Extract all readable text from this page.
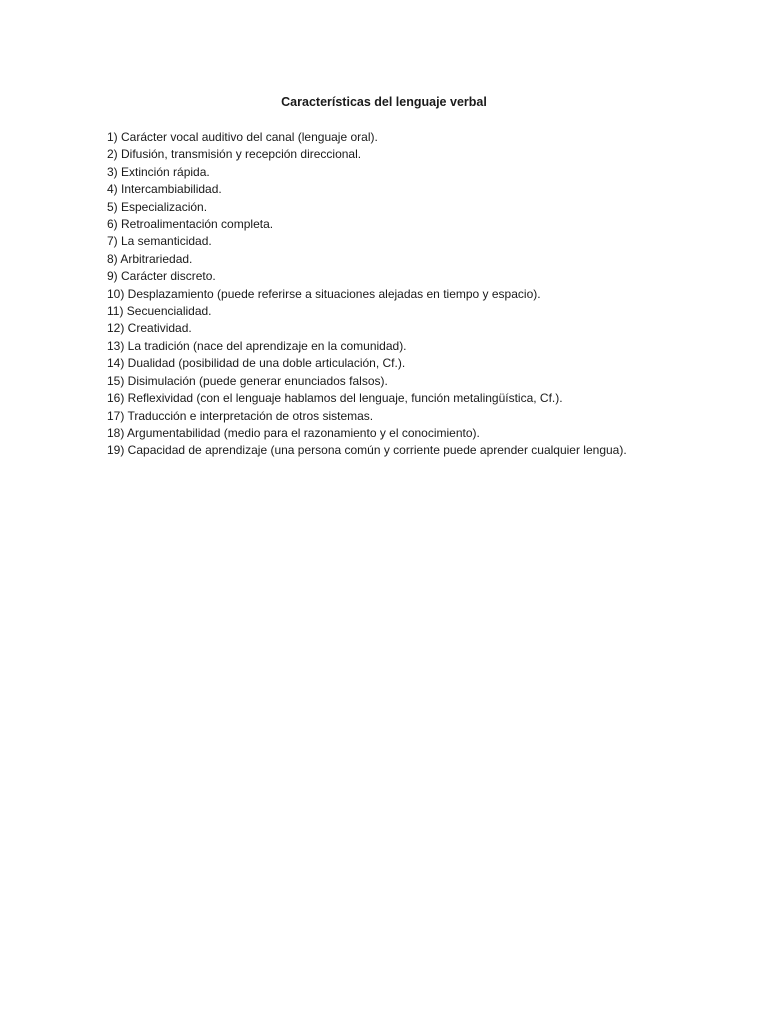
Características del lenguaje verbal
1) Carácter vocal auditivo del canal (lenguaje oral).
2) Difusión, transmisión y recepción direccional.
3) Extinción rápida.
4) Intercambiabilidad.
5) Especialización.
6) Retroalimentación completa.
7) La semanticidad.
8) Arbitrariedad.
9) Carácter discreto.
10) Desplazamiento (puede referirse a situaciones alejadas en tiempo y espacio).
11) Secuencialidad.
12) Creatividad.
13) La tradición (nace del aprendizaje en la comunidad).
14) Dualidad (posibilidad de una doble articulación, Cf.).
15) Disimulación (puede generar enunciados falsos).
16) Reflexividad (con el lenguaje hablamos del lenguaje, función metalingüística, Cf.).
17) Traducción e interpretación de otros sistemas.
18) Argumentabilidad (medio para el razonamiento y el conocimiento).
19) Capacidad de aprendizaje (una persona común y corriente puede aprender cualquier lengua).
